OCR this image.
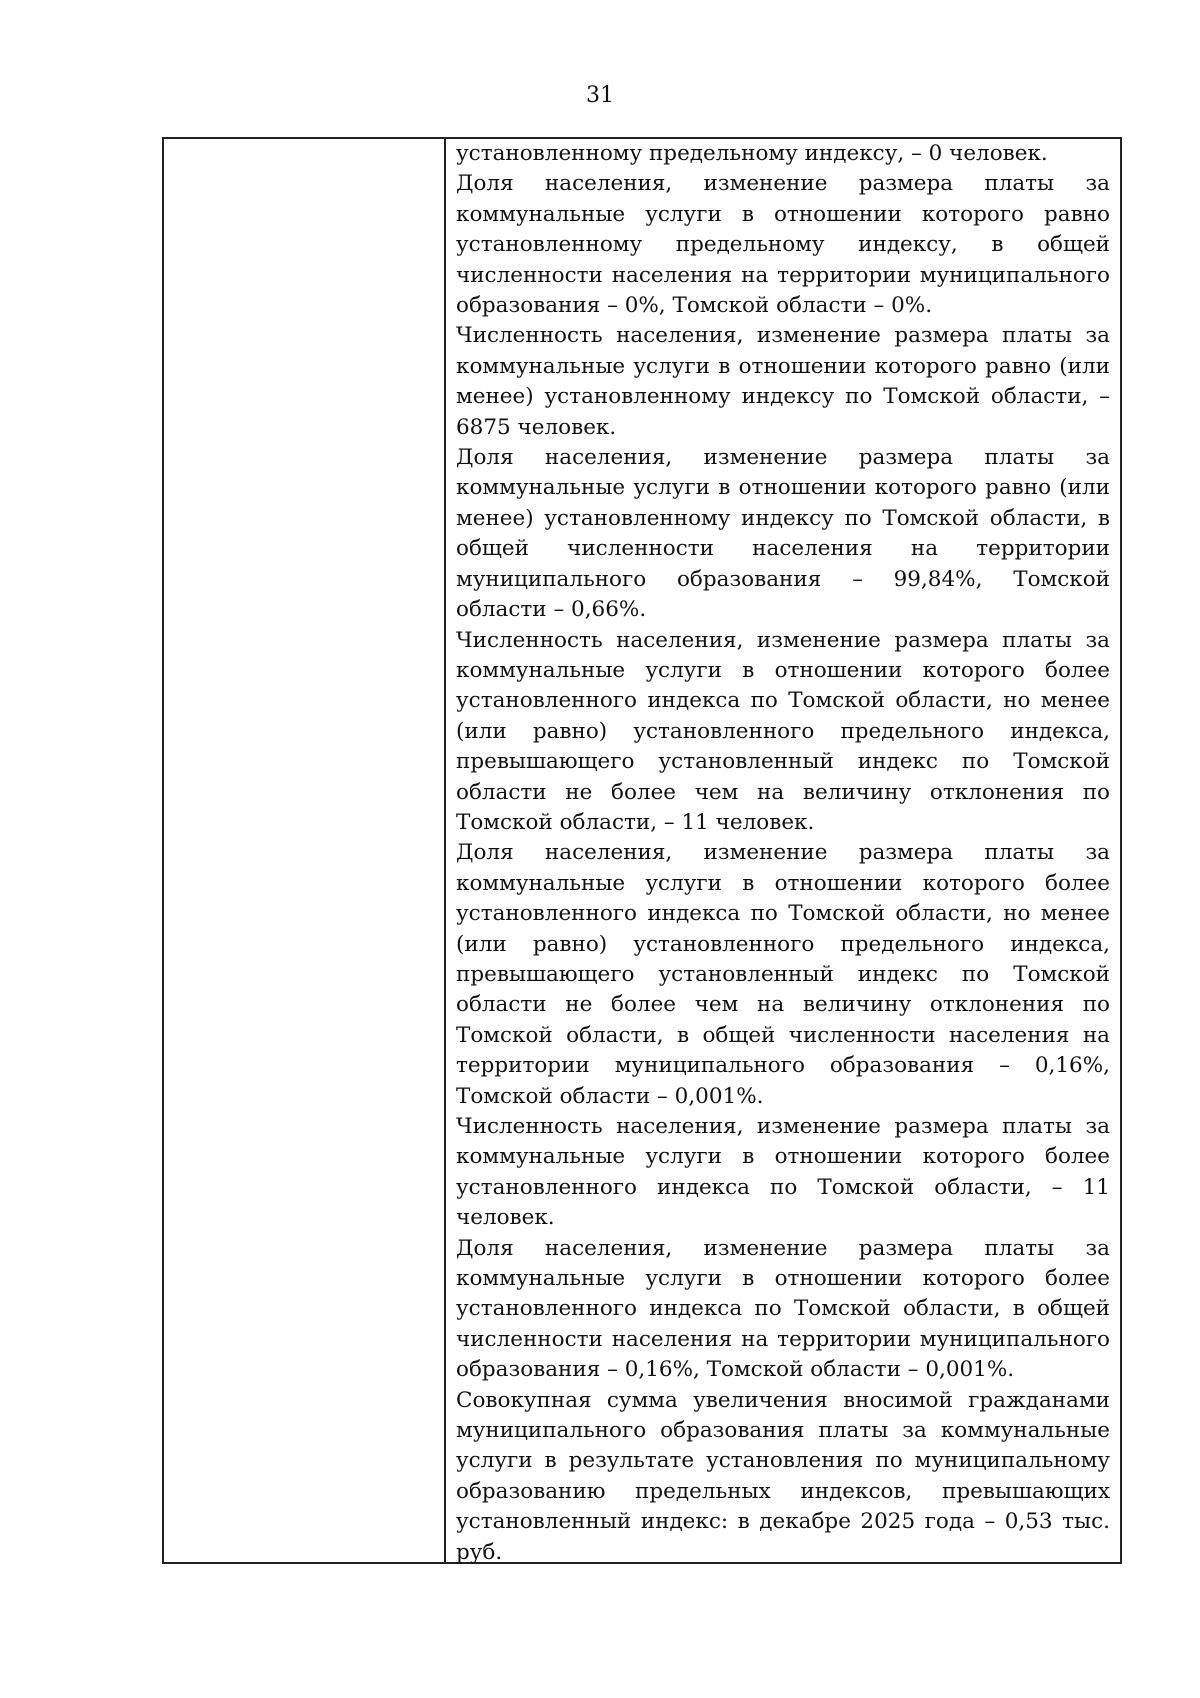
31

установленному предельному индексу, – 0 человек.

Доля населения, изменение размера платы за коммунальные услуги в отношении которого равно установленному предельному индексу, в общей численности населения на территории муниципального образования – 0%, Томской области – 0%.

Численность населения, изменение размера платы за коммунальные услуги в отношении которого равно (или менее) установленному индексу по Томской области, – 6875 человек.

Доля населения, изменение размера платы за коммунальные услуги в отношении которого равно (или менее) установленному индексу по Томской области, в общей численности населения на территории муниципального образования – 99,84%, Томской области – 0,66%.

Численность населения, изменение размера платы за коммунальные услуги в отношении которого более установленного индекса по Томской области, но менее (или равно) установленного предельного индекса, превышающего установленный индекс по Томской области не более чем на величину отклонения по Томской области, – 11 человек.

Доля населения, изменение размера платы за коммунальные услуги в отношении которого более установленного индекса по Томской области, но менее (или равно) установленного предельного индекса, превышающего установленный индекс по Томской области не более чем на величину отклонения по Томской области, в общей численности населения на территории муниципального образования – 0,16%, Томской области – 0,001%.

Численность населения, изменение размера платы за коммунальные услуги в отношении которого более установленного индекса по Томской области, – 11 человек.

Доля населения, изменение размера платы за коммунальные услуги в отношении которого более установленного индекса по Томской области, в общей численности населения на территории муниципального образования – 0,16%, Томской области – 0,001%.

Совокупная сумма увеличения вносимой гражданами муниципального образования платы за коммунальные услуги в результате установления по муниципальному образованию предельных индексов, превышающих установленный индекс: в декабре 2025 года – 0,53 тыс. руб.
